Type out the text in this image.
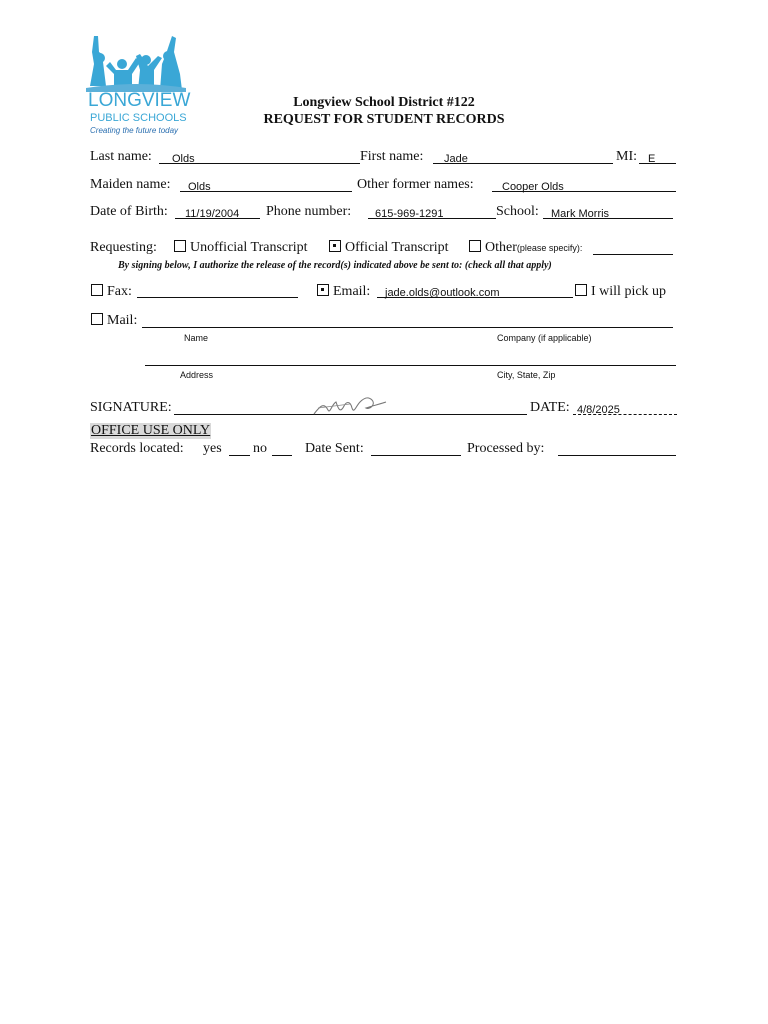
LONGVIEW
PUBLIC SCHOOLS
Creating the future today
Longview School District #122
REQUEST FOR STUDENT RECORDS
Last name: Olds	First name: Jade	MI: E
Maiden name: Olds	Other former names:	Cooper Olds
Date of Birth: 11/19/2004 Phone number: 615-969-1291	School: Mark Morris
Requesting:	Unofficial Transcript	Official Transcript	Other(please specify):
By signing below, I authorize the release of the record(s) indicated above be sent to: (check all that apply)
Fax:	Email: jade.olds@outlook.com	I will pick up
Mail:
Name	Company (if applicable)
Address	City, State, Zip
SIGNATURE:	DATE: 4/8/2025
OFFICE USE ONLY
Records located: yes no	Date Sent:	Processed by:
